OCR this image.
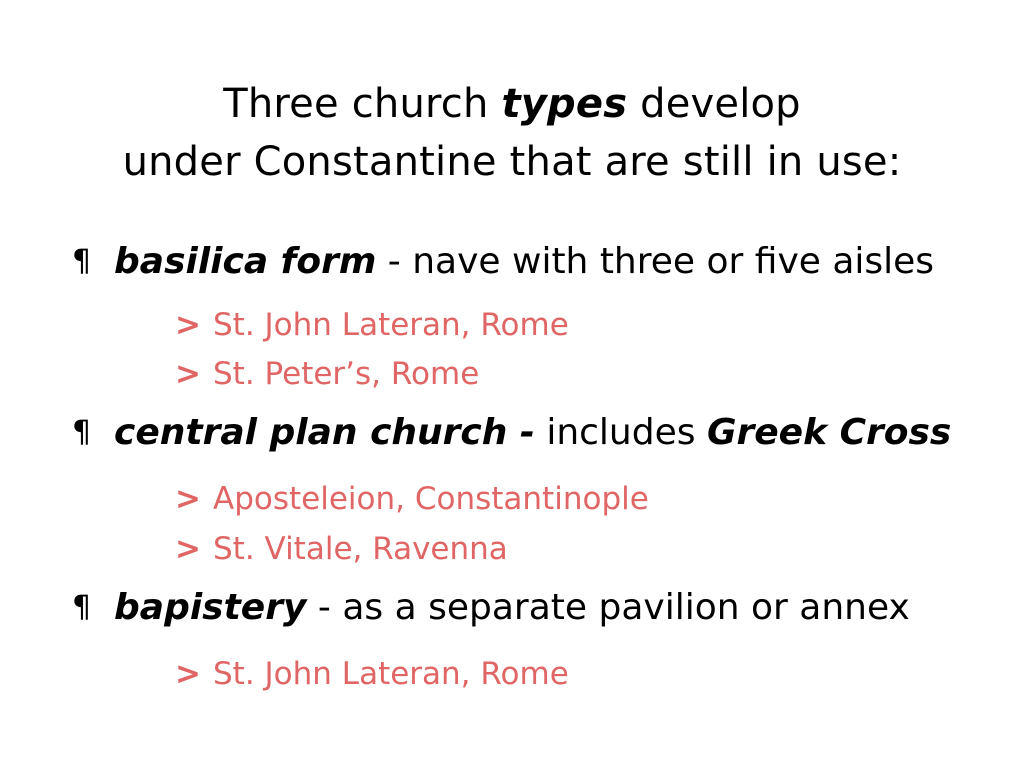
Three church types develop
under Constantine that are still in use:
¶ basilica form - nave with three or five aisles
> St. John Lateran, Rome
> St. Peter’s, Rome
¶ central plan church - includes Greek Cross
> Aposteleion, Constantinople
> St. Vitale, Ravenna
¶ bapistery - as a separate pavilion or annex
> St. John Lateran, Rome
